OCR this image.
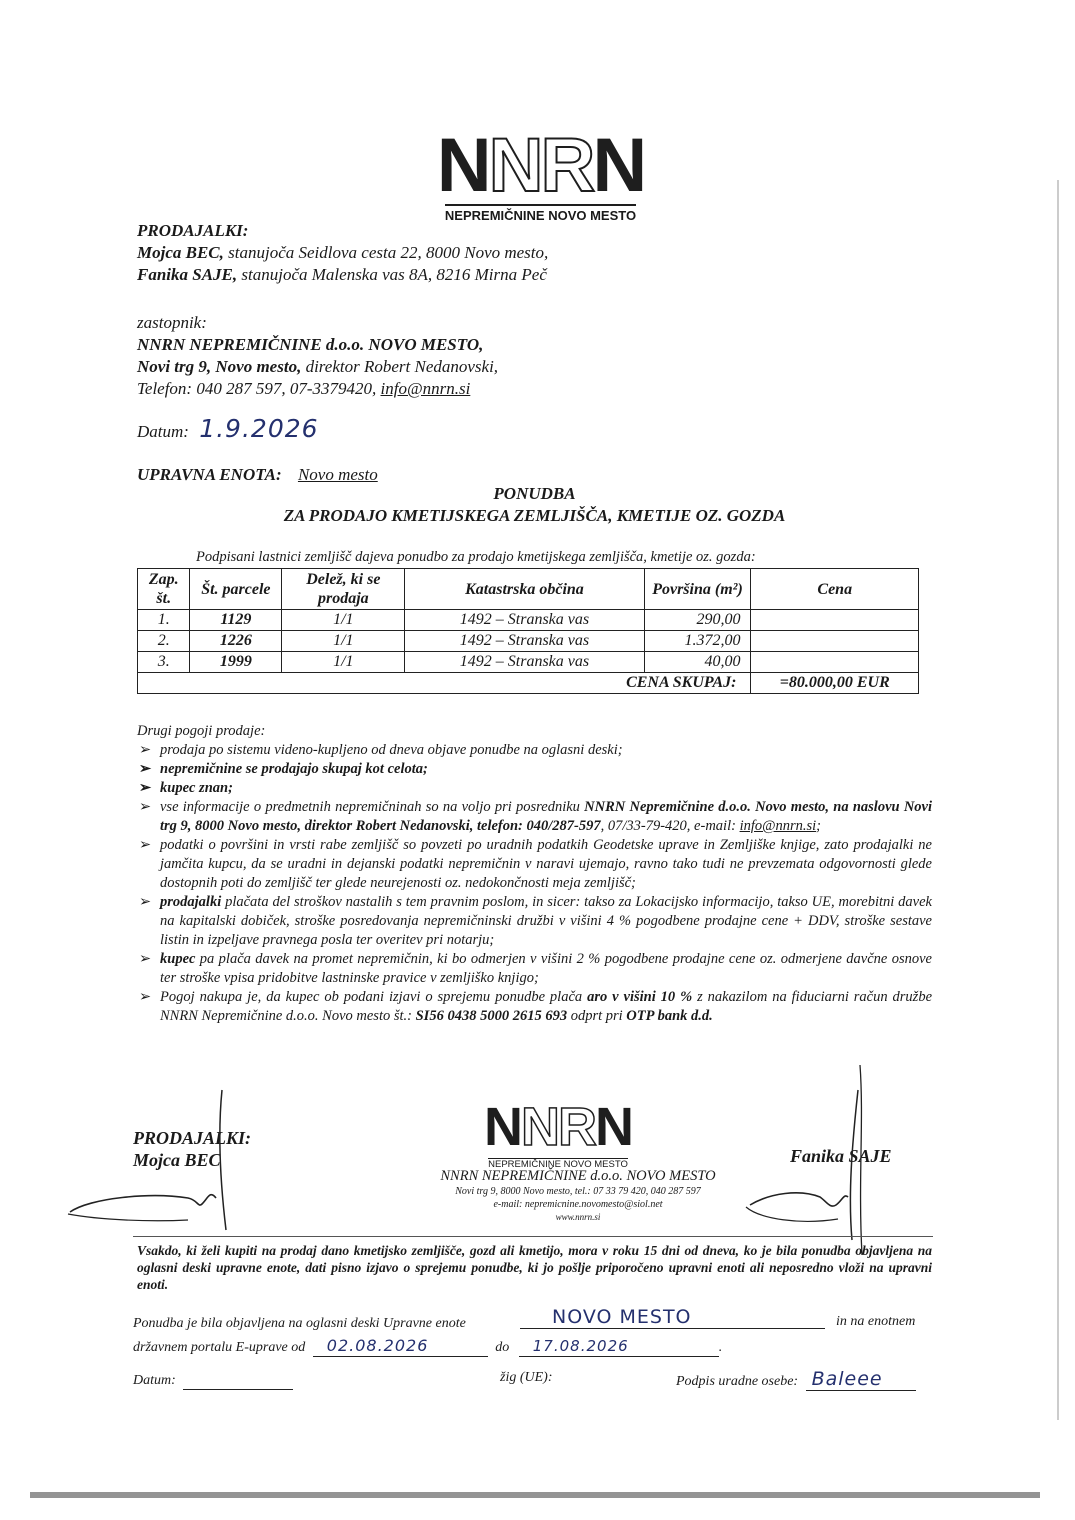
NNRN
NEPREMIČNINE NOVO MESTO
PRODAJALKI:
Mojca BEC, stanujoča Seidlova cesta 22, 8000 Novo mesto,
Fanika SAJE, stanujoča Malenska vas 8A, 8216 Mirna Peč
zastopnik:
NNRN NEPREMIČNINE d.o.o. NOVO MESTO,
Novi trg 9, Novo mesto, direktor Robert Nedanovski,
Telefon: 040 287 597, 07-3379420, info@nnrn.si
Datum: 1.9.2026
UPRAVNA ENOTA: Novo mesto
PONUDBA
ZA PRODAJO KMETIJSKEGA ZEMLJIŠČA, KMETIJE OZ. GOZDA
Podpisani lastnici zemljišč dajeva ponudbo za prodajo kmetijskega zemljišča, kmetije oz. gozda:
Zap. št.	Št. parcele	Delež, ki se prodaja	Katastrska občina	Površina (m²)	Cena
1.	1129	1/1	1492 – Stranska vas	290,00	
2.	1226	1/1	1492 – Stranska vas	1.372,00	
3.	1999	1/1	1492 – Stranska vas	40,00	
CENA SKUPAJ:					=80.000,00 EUR
Drugi pogoji prodaje:
➢ prodaja po sistemu videno-kupljeno od dneva objave ponudbe na oglasni deski;
➢ nepremičnine se prodajajo skupaj kot celota;
➢ kupec znan;
➢ vse informacije o predmetnih nepremičninah so na voljo pri posredniku NNRN Nepremičnine d.o.o. Novo mesto, na naslovu Novi trg 9, 8000 Novo mesto, direktor Robert Nedanovski, telefon: 040/287-597, 07/33-79-420, e-mail: info@nnrn.si;
➢ podatki o površini in vrsti rabe zemljišč so povzeti po uradnih podatkih Geodetske uprave in Zemljiške knjige, zato prodajalki ne jamčita kupcu, da se uradni in dejanski podatki nepremičnin v naravi ujemajo, ravno tako tudi ne prevzemata odgovornosti glede dostopnih poti do zemljišč ter glede neurejenosti oz. nedokončnosti meja zemljišč;
➢ prodajalki plačata del stroškov nastalih s tem pravnim poslom, in sicer: takso za Lokacijsko informacijo, takso UE, morebitni davek na kapitalski dobiček, stroške posredovanja nepremičninski družbi v višini 4 % pogodbene prodajne cene + DDV, stroške sestave listin in izpeljave pravnega posla ter overitev pri notarju;
➢ kupec pa plača davek na promet nepremičnin, ki bo odmerjen v višini 2 % pogodbene prodajne cene oz. odmerjene davčne osnove ter stroške vpisa pridobitve lastninske pravice v zemljiško knjigo;
➢ Pogoj nakupa je, da kupec ob podani izjavi o sprejemu ponudbe plača aro v višini 10 % z nakazilom na fiduciarni račun družbe NNRN Nepremičnine d.o.o. Novo mesto št.: SI56 0438 5000 2615 693 odprt pri OTP bank d.d.
PRODAJALKI:
Mojca BEC	Fanika SAJE
NNRN
NEPREMIČNINE NOVO MESTO
NNRN NEPREMIČNINE d.o.o. NOVO MESTO
Novi trg 9, 8000 Novo mesto, tel.: 07 33 79 420, 040 287 597
e-mail: nepremicnine.novomesto@siol.net
www.nnrn.si
Vsakdo, ki želi kupiti na prodaj dano kmetijsko zemljišče, gozd ali kmetijo, mora v roku 15 dni od dneva, ko je bila ponudba objavljena na oglasni deski upravne enote, dati pisno izjavo o sprejemu ponudbe, ki jo pošlje priporočeno upravni enoti ali neposredno vloži na upravni enoti.
Ponudba je bila objavljena na oglasni deski Upravne enote	NOVO MESTO	in na enotnem
državnem portalu E-uprave od 02.08.2026	do 17.08.2026	.
Datum:	žig (UE):	Podpis uradne osebe: Baleee
